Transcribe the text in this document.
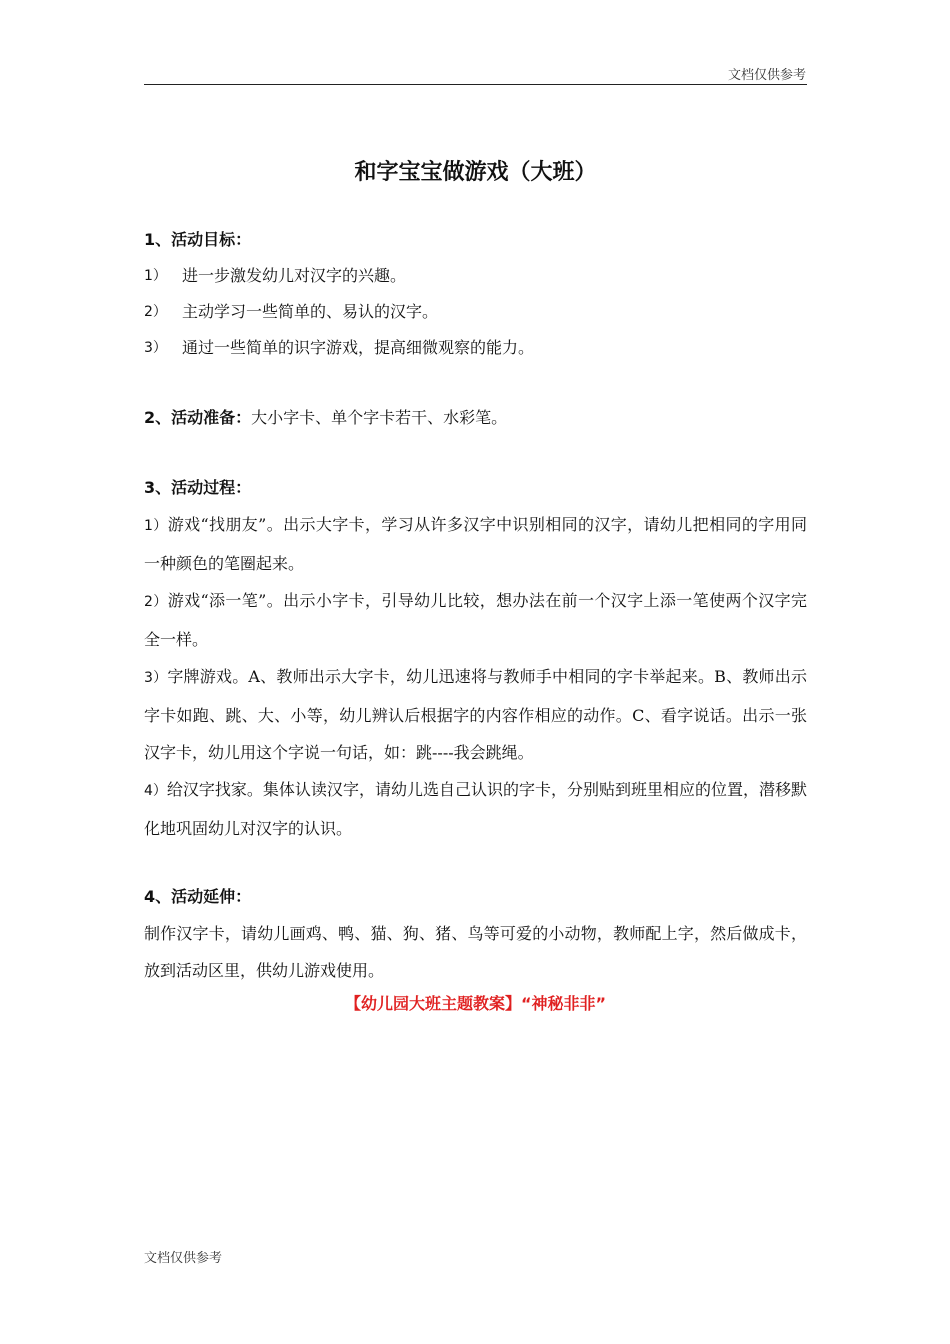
文档仅供参考
和字宝宝做游戏（大班）
1、活动目标：
1） 进一步激发幼儿对汉字的兴趣。
2） 主动学习一些简单的、易认的汉字。
3） 通过一些简单的识字游戏，提高细微观察的能力。
2、活动准备：大小字卡、单个字卡若干、水彩笔。
3、活动过程：
1）游戏“找朋友”。出示大字卡，学习从许多汉字中识别相同的汉字，请幼儿把相同的字用同一种颜色的笔圈起来。
2）游戏“添一笔”。出示小字卡，引导幼儿比较，想办法在前一个汉字上添一笔使两个汉字完全一样。
3）字牌游戏。A、教师出示大字卡，幼儿迅速将与教师手中相同的字卡举起来。B、教师出示字卡如跑、跳、大、小等，幼儿辨认后根据字的内容作相应的动作。C、看字说话。出示一张汉字卡，幼儿用这个字说一句话，如：跳----我会跳绳。
4）给汉字找家。集体认读汉字，请幼儿选自己认识的字卡，分别贴到班里相应的位置，潜移默化地巩固幼儿对汉字的认识。
4、活动延伸：
制作汉字卡，请幼儿画鸡、鸭、猫、狗、猪、鸟等可爱的小动物，教师配上字，然后做成卡，放到活动区里，供幼儿游戏使用。
【幼儿园大班主题教案】“神秘非非”
文档仅供参考
